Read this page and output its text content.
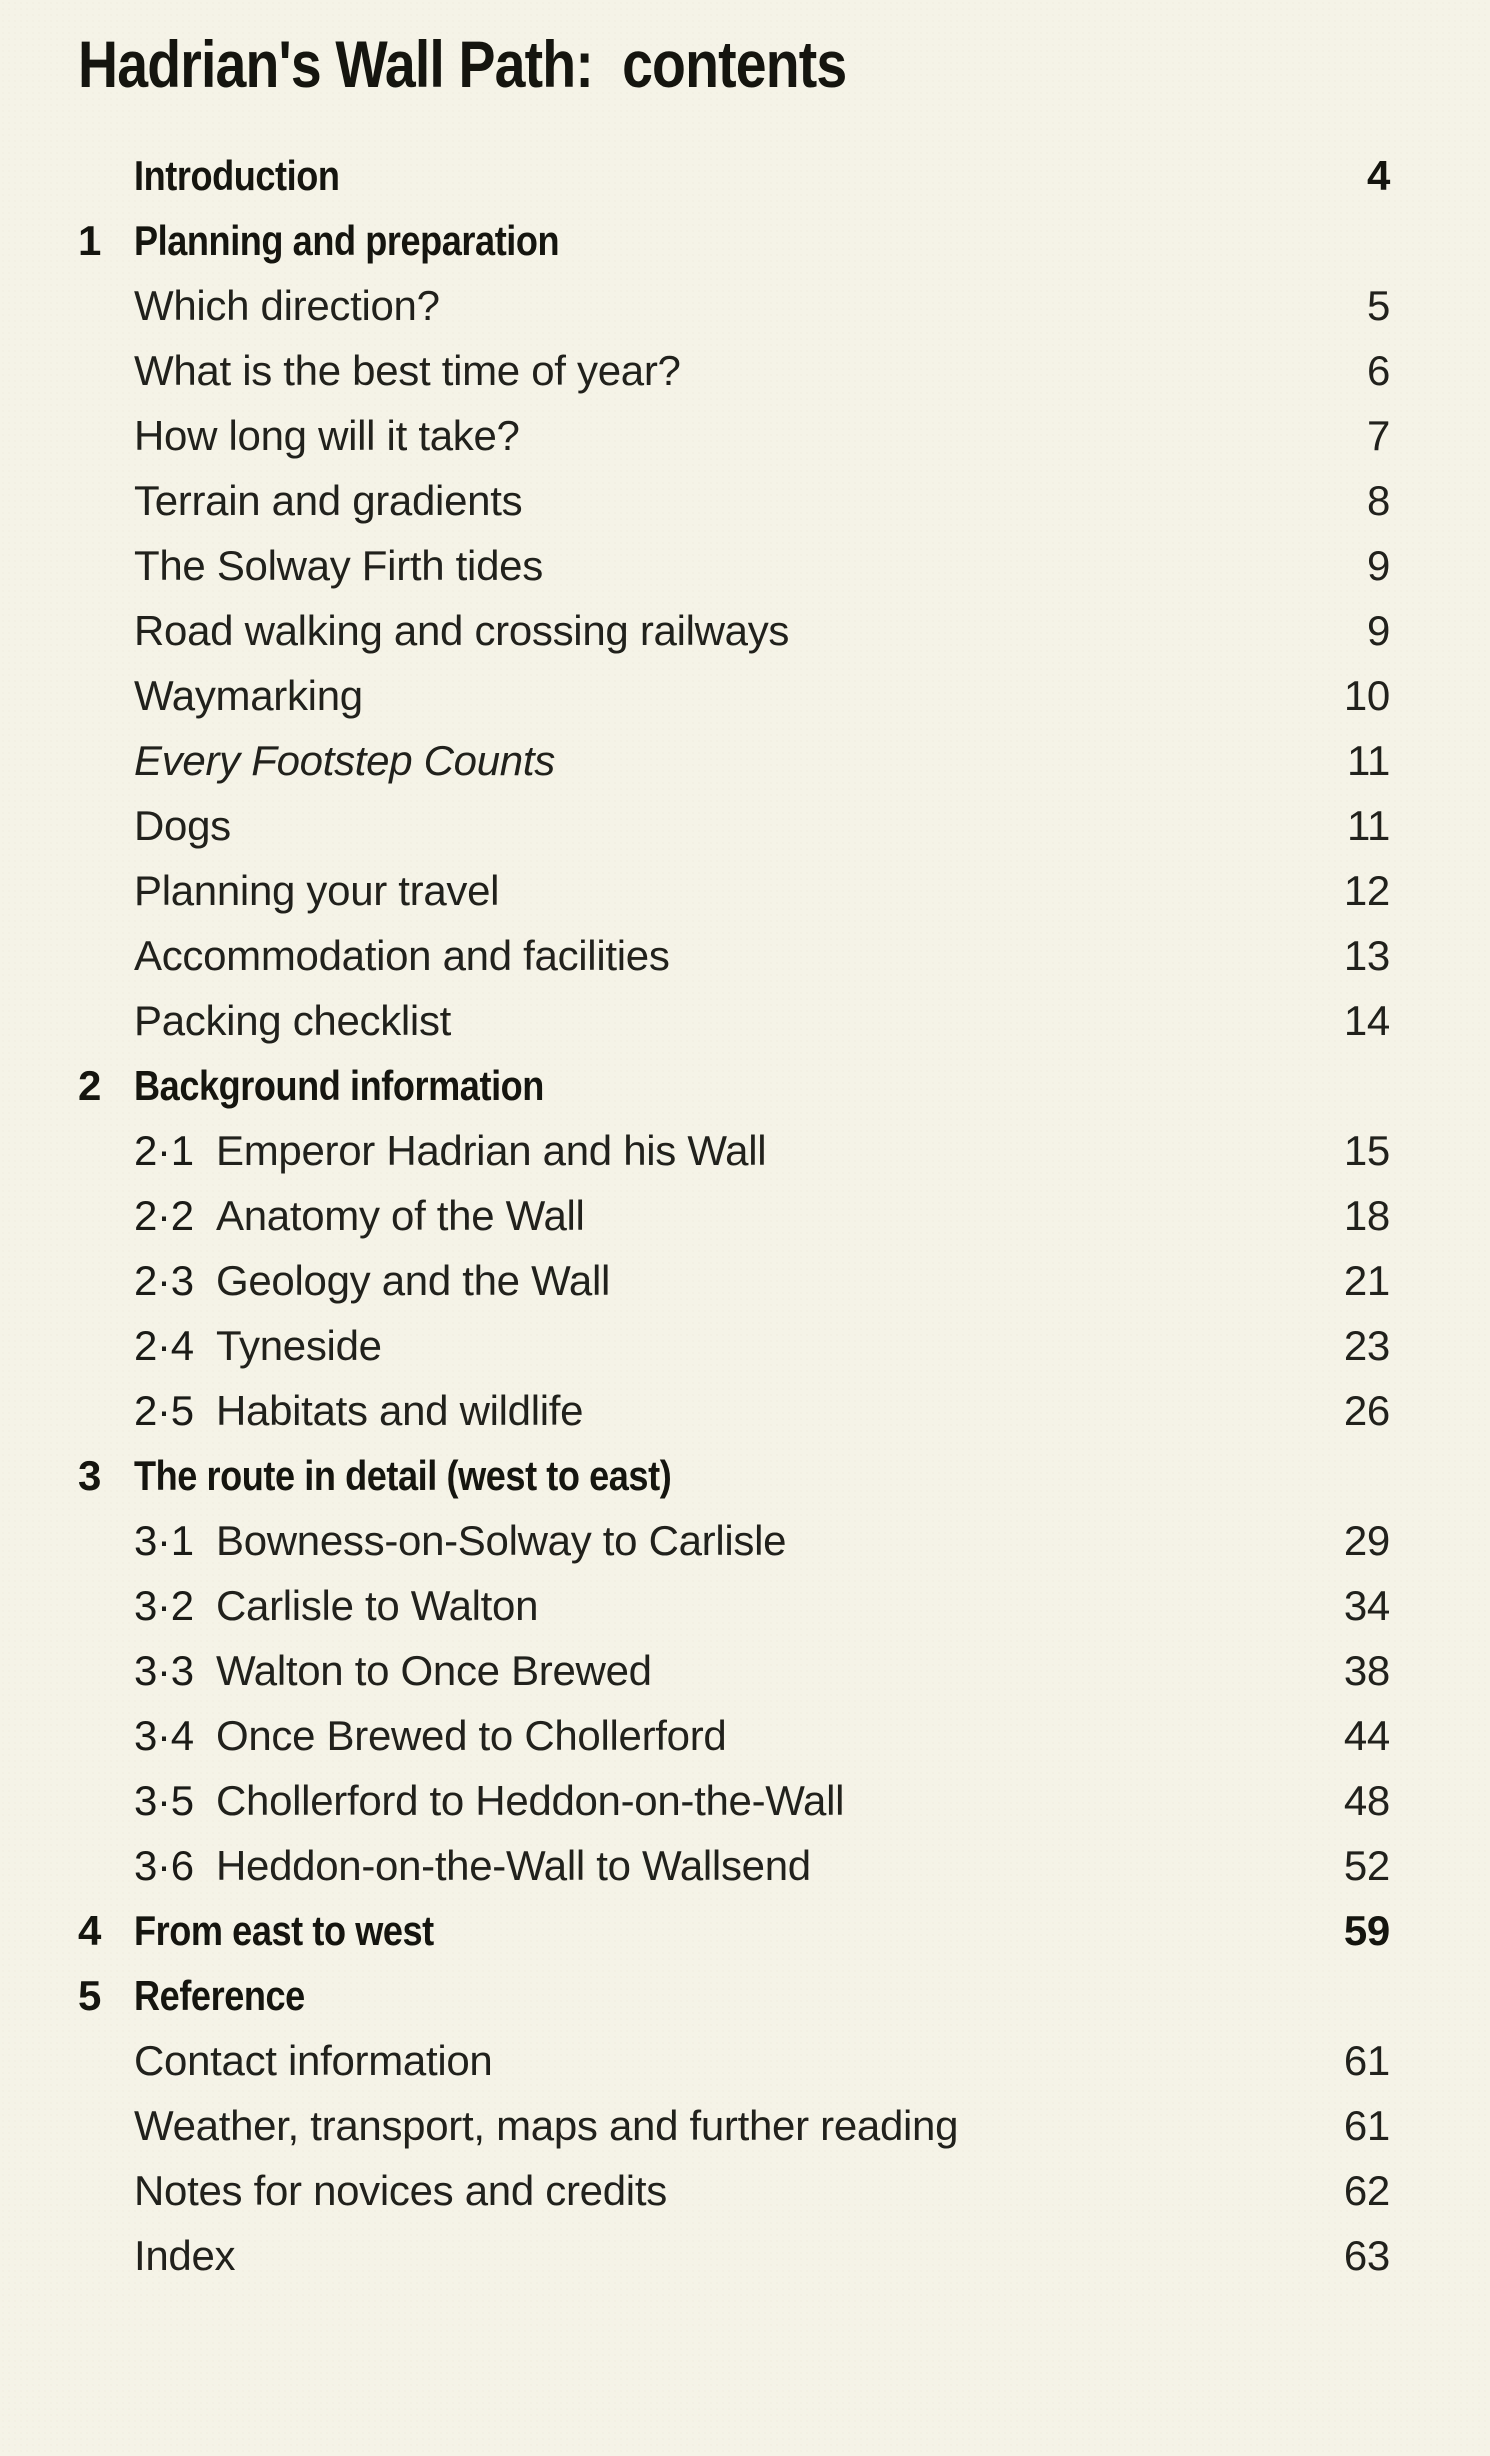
Hadrian's Wall Path:  contents
Introduction	4
1 Planning and preparation
Which direction?	5
What is the best time of year?	6
How long will it take?	7
Terrain and gradients	8
The Solway Firth tides	9
Road walking and crossing railways	9
Waymarking	10
Every Footstep Counts	11
Dogs	11
Planning your travel	12
Accommodation and facilities	13
Packing checklist	14
2 Background information
2·1 Emperor Hadrian and his Wall	15
2·2 Anatomy of the Wall	18
2·3 Geology and the Wall	21
2·4 Tyneside	23
2·5 Habitats and wildlife	26
3 The route in detail (west to east)
3·1 Bowness-on-Solway to Carlisle	29
3·2 Carlisle to Walton	34
3·3 Walton to Once Brewed	38
3·4 Once Brewed to Chollerford	44
3·5 Chollerford to Heddon-on-the-Wall	48
3·6 Heddon-on-the-Wall to Wallsend	52
4 From east to west	59
5 Reference
Contact information	61
Weather, transport, maps and further reading	61
Notes for novices and credits	62
Index	63
